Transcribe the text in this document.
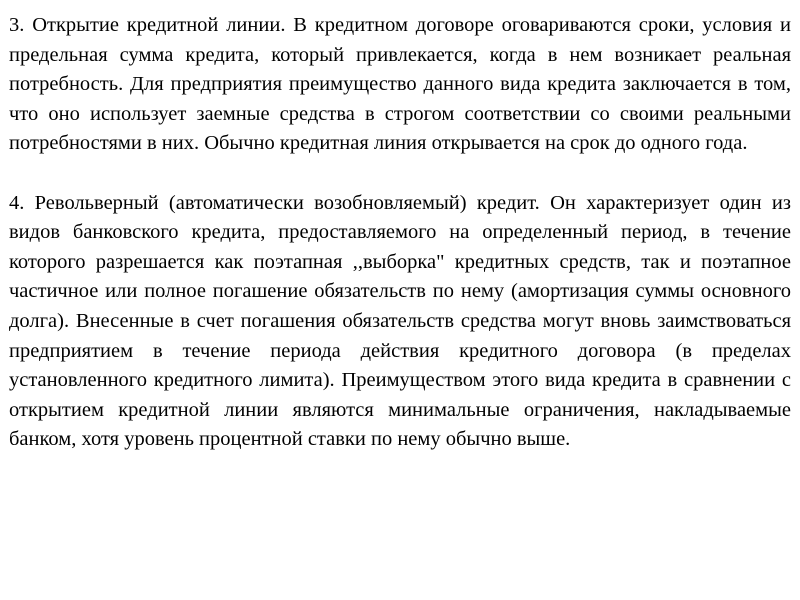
3. Открытие кредитной линии. В кредитном договоре оговариваются сроки, условия и предельная сумма кредита, который привлекается, когда в нем возникает реальная потребность. Для предприятия преимущество данного вида кредита заключается в том, что оно использует заемные средства в строгом соответствии со своими реальными потребностями в них. Обычно кредитная линия открывается на срок до одного года.

4. Револьверный (автоматически возобновляемый) кредит. Он характеризует один из видов банковского кредита, предоставляемого на определенный период, в течение которого разрешается как поэтапная ,,выборка" кредитных средств, так и поэтапное частичное или полное погашение обязательств по нему (амортизация суммы основного долга). Внесенные в счет погашения обязательств средства могут вновь заимствоваться предприятием в течение периода действия кредитного договора (в пределах установленного кредитного лимита). Преимуществом этого вида кредита в сравнении с открытием кредитной линии являются минимальные ограничения, накладываемые банком, хотя уровень процентной ставки по нему обычно выше.
